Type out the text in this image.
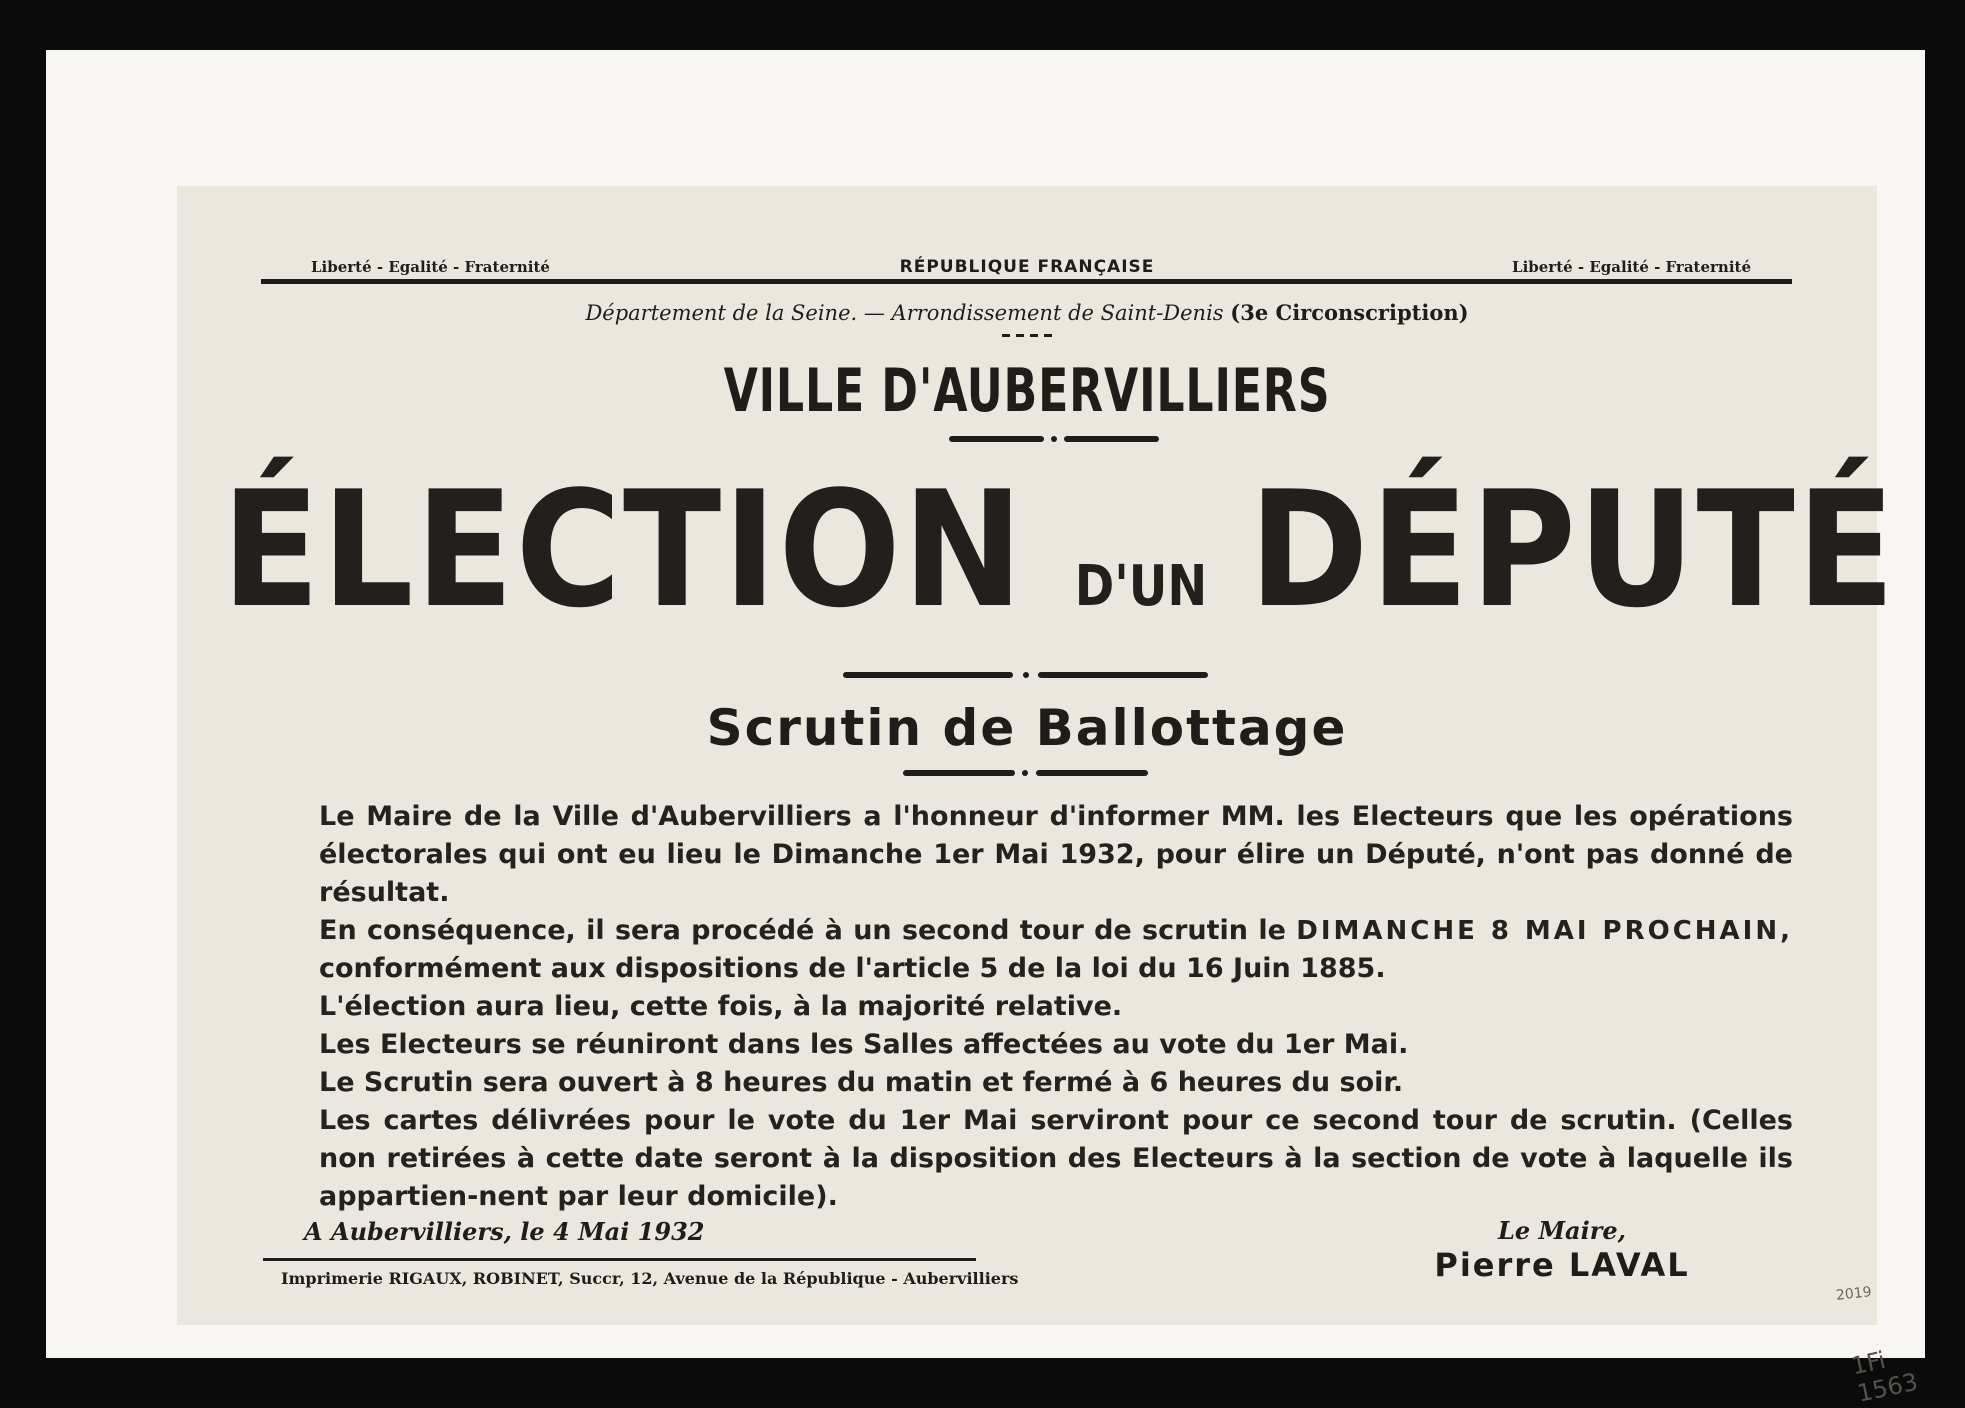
Liberté - Egalité - Fraternité	RÉPUBLIQUE FRANÇAISE	Liberté - Egalité - Fraternité
Département de la Seine. — Arrondissement de Saint-Denis (3e Circonscription)
VILLE D'AUBERVILLIERS
ÉLECTION D'UN DÉPUTÉ
Scrutin de Ballottage
Le Maire de la Ville d'Aubervilliers a l'honneur d'informer MM. les Electeurs que les opérations électorales qui ont eu lieu le Dimanche 1er Mai 1932, pour élire un Député, n'ont pas donné de résultat.
En conséquence, il sera procédé à un second tour de scrutin le DIMANCHE 8 MAI PROCHAIN, conformément aux dispositions de l'article 5 de la loi du 16 Juin 1885.
L'élection aura lieu, cette fois, à la majorité relative.
Les Electeurs se réuniront dans les Salles affectées au vote du 1er Mai.
Le Scrutin sera ouvert à 8 heures du matin et fermé à 6 heures du soir.
Les cartes délivrées pour le vote du 1er Mai serviront pour ce second tour de scrutin. (Celles non retirées à cette date seront à la disposition des Electeurs à la section de vote à laquelle ils appartien-nent par leur domicile).
A Aubervilliers, le 4 Mai 1932
Imprimerie RIGAUX, ROBINET, Succr, 12, Avenue de la République - Aubervilliers
Le Maire,
Pierre LAVAL
2019
1Fi 1563
